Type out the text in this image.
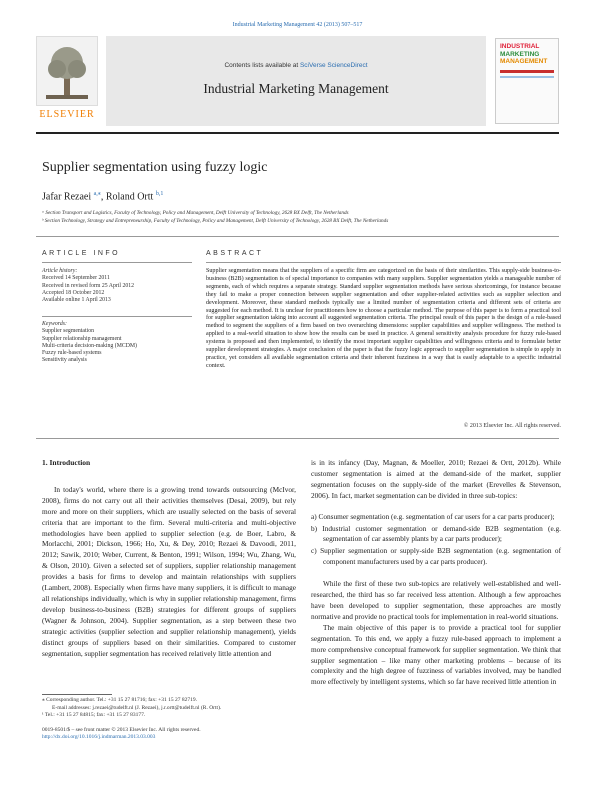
Industrial Marketing Management 42 (2013) 507–517
ELSEVIER
Contents lists available at SciVerse ScienceDirect
Industrial Marketing Management
INDUSTRIAL
MARKETING
MANAGEMENT
Supplier segmentation using fuzzy logic
Jafar Rezaei $^{a,⁎}$, Roland Ortt $^{b,1}$
ᵃ Section Transport and Logistics, Faculty of Technology, Policy and Management, Delft University of Technology, 2628 BX Delft, The Netherlands
ᵇ Section Technology, Strategy and Entrepreneurship, Faculty of Technology, Policy and Management, Delft University of Technology, 2628 BX Delft, The Netherlands
ARTICLE INFO	ABSTRACT
Article history:
Received 14 September 2011
Received in revised form 25 April 2012
Accepted 18 October 2012
Available online 1 April 2013
Keywords:
Supplier segmentation
Supplier relationship management
Multi-criteria decision-making (MCDM)
Fuzzy rule-based systems
Sensitivity analysis
Supplier segmentation means that the suppliers of a specific firm are categorized on the basis of their similarities. This supply-side business-to-business (B2B) segmentation is of special importance to companies with many suppliers. Supplier segmentation yields a manageable number of segments, each of which requires a separate strategy. Standard supplier segmentation methods have serious shortcomings, for instance because they fail to make a proper connection between supplier segmentation and other supplier-related activities such as supplier selection and development. Moreover, these standard methods typically use a limited number of segmentation criteria and different sets of criteria are suggested for each method. It is unclear for practitioners how to choose a particular method. The purpose of this paper is to form a practical tool for supplier segmentation taking into account all suggested segmentation criteria. The principal result of this paper is the design of a rule-based method to segment the suppliers of a firm based on two overarching dimensions: supplier capabilities and supplier willingness. The method is applied to a real-world situation to show how the results can be used in practice. A general sensitivity analysis procedure for fuzzy rule-based systems is proposed and then implemented, to identify the most important supplier capabilities and willingness criteria and to formulate better supplier development strategies. A major conclusion of the paper is that the fuzzy logic approach to supplier segmentation is simple to apply in practice, yet considers all available segmentation criteria and their inherent fuzziness in a way that is easily adaptable to a specific industrial context.
© 2013 Elsevier Inc. All rights reserved.
1. Introduction

In today's world, where there is a growing trend towards outsourcing (McIvor, 2008), firms do not carry out all their activities themselves (Desai, 2009), but rely more and more on their suppliers, which are usually selected on the basis of several criteria that are important to the firm. Several multi-criteria and multi-objective methodologies have been applied to supplier selection (e.g. de Boer, Labro, & Morlacchi, 2001; Dickson, 1966; Ho, Xu, & Dey, 2010; Rezaei & Davoodi, 2011, 2012; Sawik, 2010; Weber, Current, & Benton, 1991; Wilson, 1994; Wu, Zhang, Wu, & Olson, 2010). Given a selected set of suppliers, supplier relationship management provides a basis for firms to develop and maintain relationships with suppliers (Lambert, 2008). Especially when firms have many suppliers, it is difficult to manage all relationships individually, which is why in supplier relationship management, firms develop business-to-business (B2B) strategies for different groups of suppliers (Wagner & Johnson, 2004). Supplier segmentation, as a step between these two strategic activities (supplier selection and supplier relationship management), yields distinct groups of suppliers based on their similarities. Compared to customer segmentation, supplier segmentation has received relatively little attention and

is in its infancy (Day, Magnan, & Moeller, 2010; Rezaei & Ortt, 2012b). While customer segmentation is aimed at the demand-side of the market, supplier segmentation focuses on the supply-side of the market (Erevelles & Stevenson, 2006). In fact, market segmentation can be divided in three sub-topics:

a) Consumer segmentation (e.g. segmentation of car users for a car parts producer);

b) Industrial customer segmentation or demand-side B2B segmentation (e.g. segmentation of car assembly plants by a car parts producer);

c) Supplier segmentation or supply-side B2B segmentation (e.g. segmentation of component manufacturers used by a car parts producer).

While the first of these two sub-topics are relatively well-established and well-researched, the third has so far received less attention. Although a few approaches have been developed to supplier segmentation, these approaches are mostly normative and provide no practical tools for implementation in real-world situations.

The main objective of this paper is to provide a practical tool for supplier segmentation. To this end, we apply a fuzzy rule-based approach to implement a more comprehensive conceptual framework for supplier segmentation. We think that supplier segmentation – like many other marketing problems – because of its complexity and the high degree of fuzziness of variables involved, may be handled more effectively by intelligent systems, which so far have received little attention in

⁎ Corresponding author. Tel.: +31 15 27 81716; fax: +31 15 27 82719.
E-mail addresses: j.rezaei@tudelft.nl (J. Rezaei), j.r.ortt@tudelft.nl (R. Ortt).
¹ Tel.: +31 15 27 84815; fax: +31 15 27 83177.
0019-8501/$ – see front matter © 2013 Elsevier Inc. All rights reserved.
http://dx.doi.org/10.1016/j.indmarman.2013.03.003
